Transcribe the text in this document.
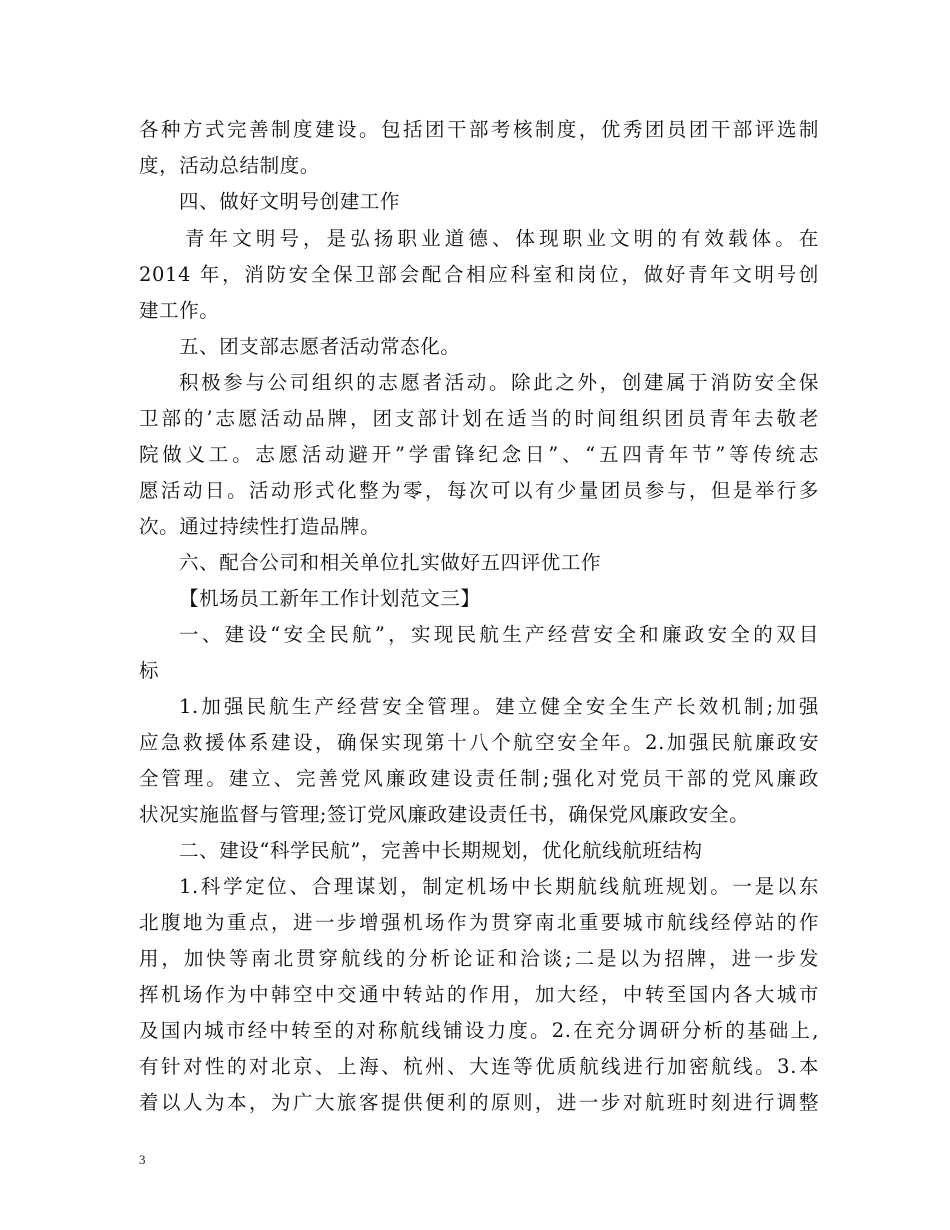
各种方式完善制度建设。包括团干部考核制度，优秀团员团干部评选制
度，活动总结制度。
四、做好文明号创建工作
青年文明号，是弘扬职业道德、体现职业文明的有效载体。在
2014 年，消防安全保卫部会配合相应科室和岗位，做好青年文明号创
建工作。
五、团支部志愿者活动常态化。
积极参与公司组织的志愿者活动。除此之外，创建属于消防安全保
卫部的’志愿活动品牌，团支部计划在适当的时间组织团员青年去敬老
院做义工。志愿活动避开”学雷锋纪念日”、“五四青年节”等传统志
愿活动日。活动形式化整为零，每次可以有少量团员参与，但是举行多
次。通过持续性打造品牌。
六、配合公司和相关单位扎实做好五四评优工作
【机场员工新年工作计划范文三】
一、建设“安全民航”，实现民航生产经营安全和廉政安全的双目
标
1.加强民航生产经营安全管理。建立健全安全生产长效机制;加强
应急救援体系建设，确保实现第十八个航空安全年。2.加强民航廉政安
全管理。建立、完善党风廉政建设责任制;强化对党员干部的党风廉政
状况实施监督与管理;签订党风廉政建设责任书，确保党风廉政安全。
二、建设“科学民航”，完善中长期规划，优化航线航班结构
1.科学定位、合理谋划，制定机场中长期航线航班规划。一是以东
北腹地为重点，进一步增强机场作为贯穿南北重要城市航线经停站的作
用，加快等南北贯穿航线的分析论证和洽谈;二是以为招牌，进一步发
挥机场作为中韩空中交通中转站的作用，加大经，中转至国内各大城市
及国内城市经中转至的对称航线铺设力度。2.在充分调研分析的基础上,
有针对性的对北京、上海、杭州、大连等优质航线进行加密航线。3.本
着以人为本，为广大旅客提供便利的原则，进一步对航班时刻进行调整
3
